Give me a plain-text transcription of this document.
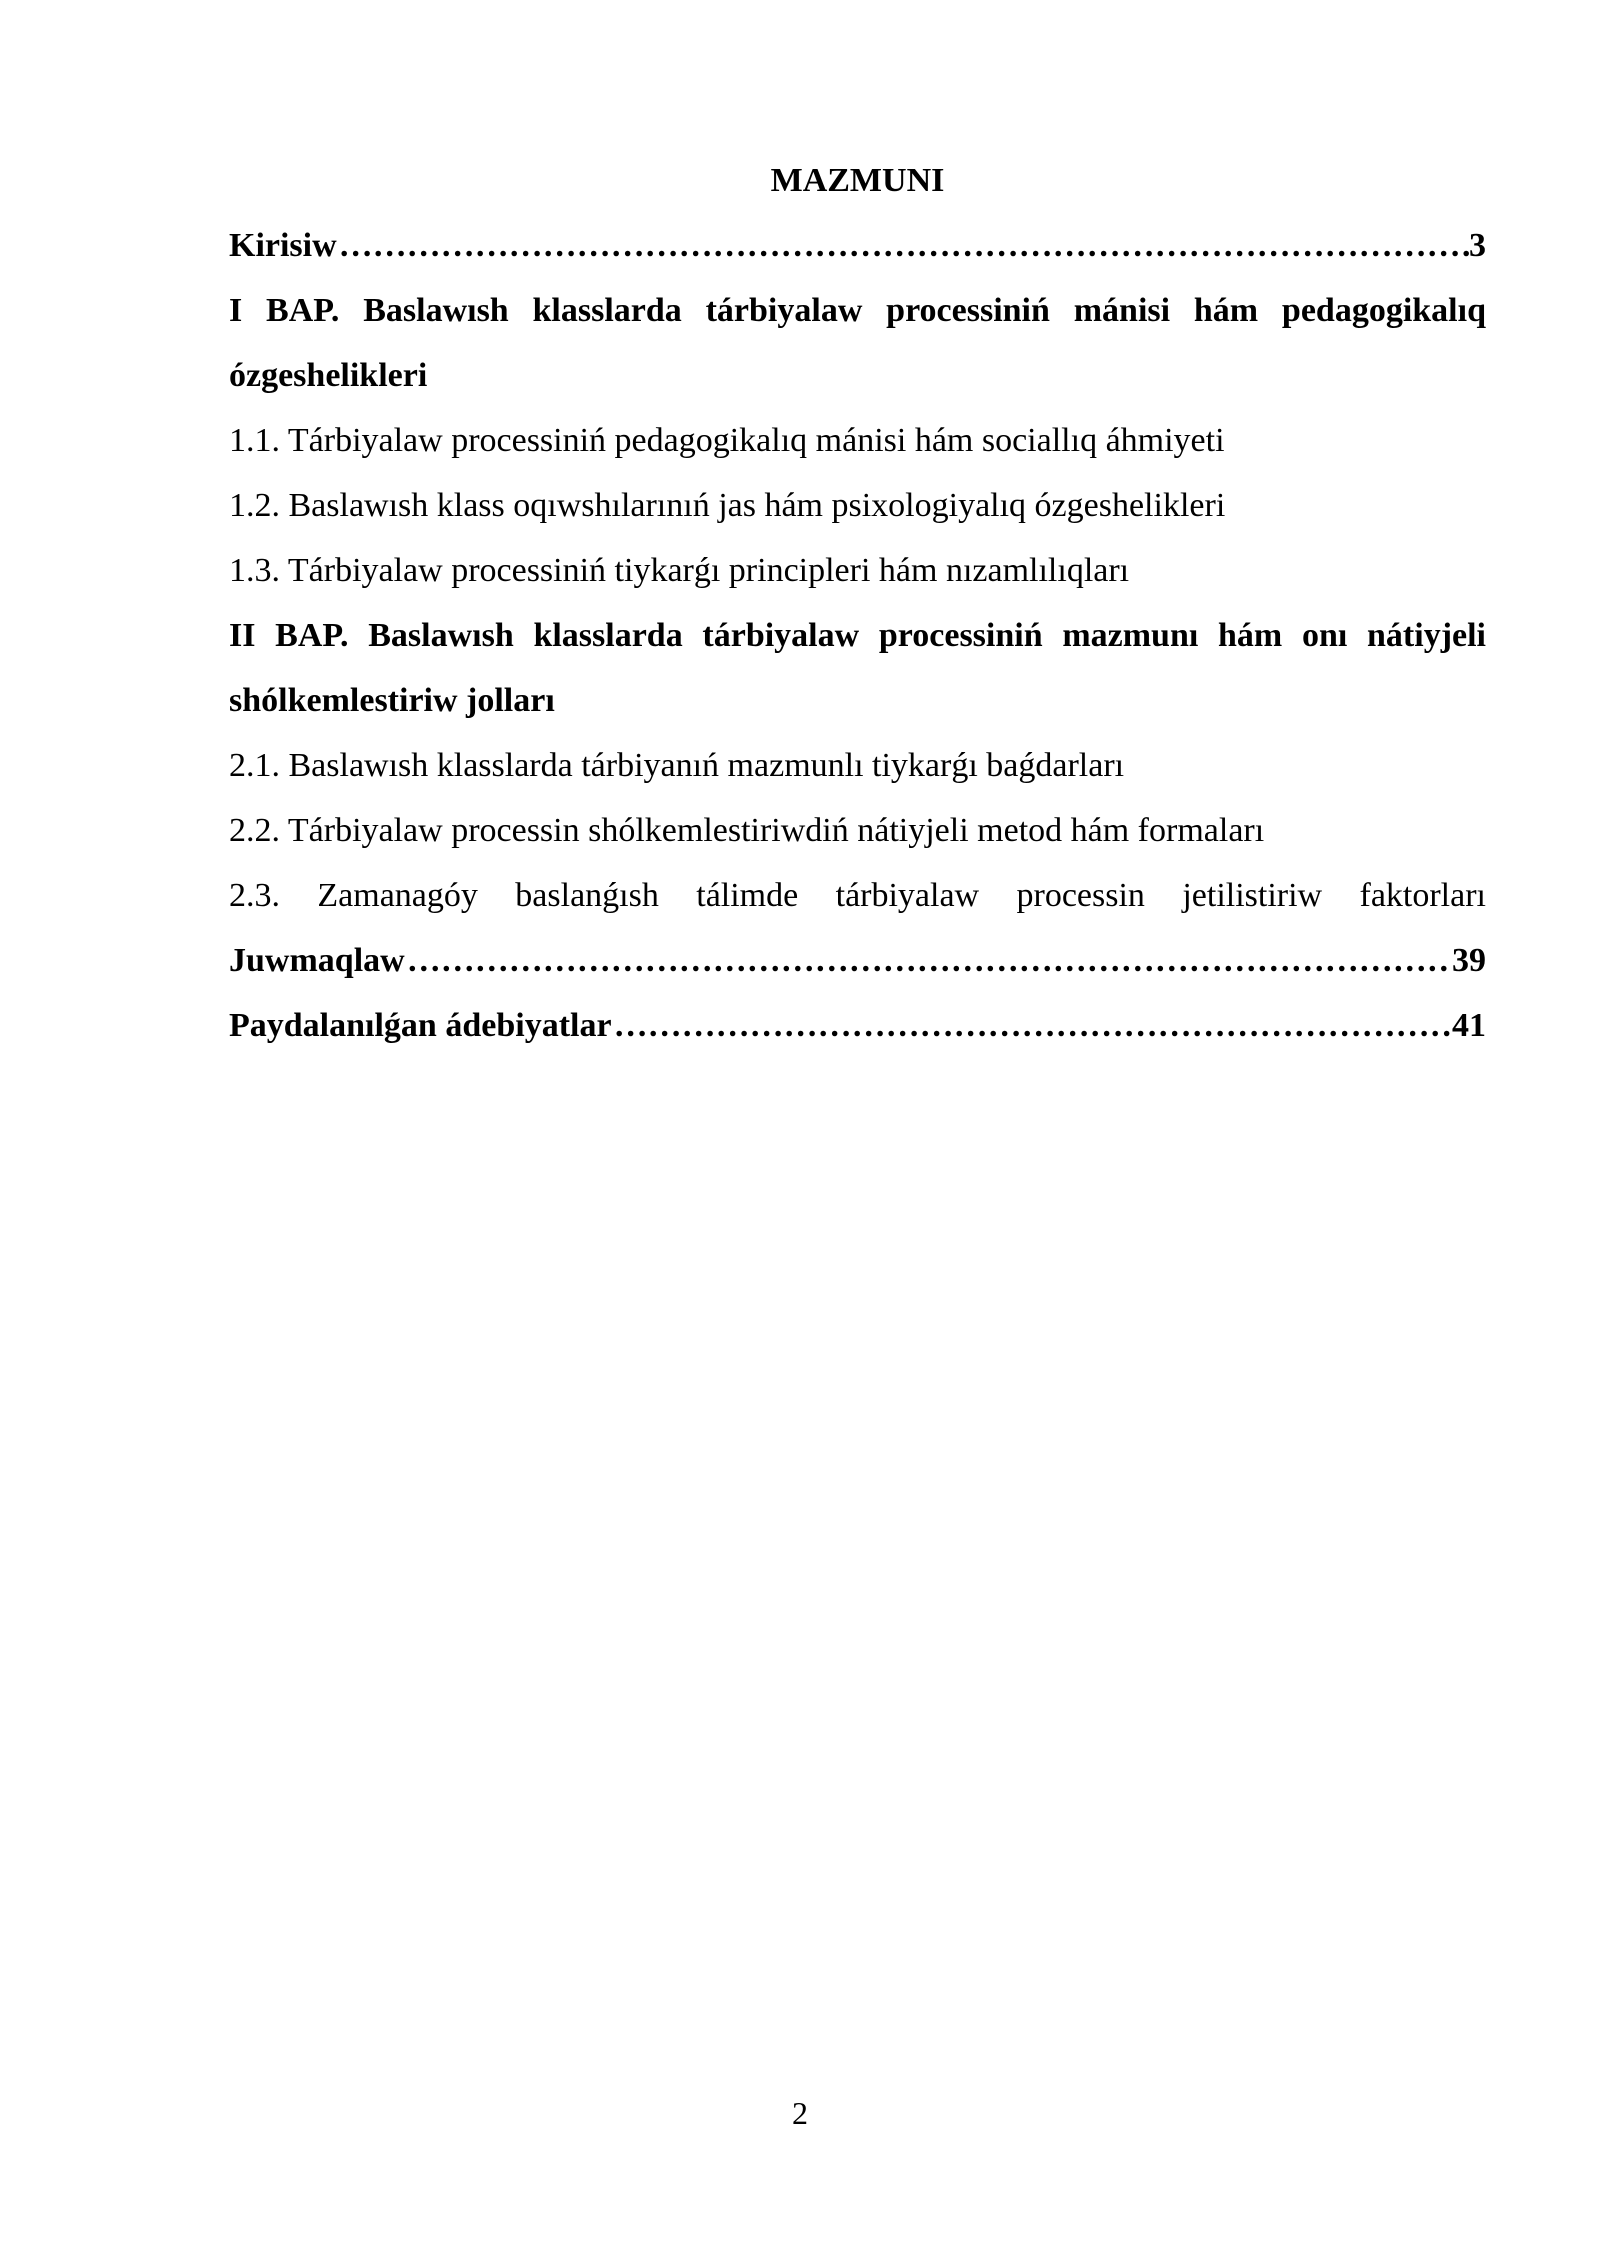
MAZMUNI
Kirisiw ……………………………………………………………………………………………………………………………………………………	3
I BAP. Baslawısh klasslarda tárbiyalaw processiniń mánisi hám pedagogikalıq ózgeshelikleri
1.1. Tárbiyalaw processiniń pedagogikalıq mánisi hám sociallıq áhmiyeti
1.2. Baslawısh klass oqıwshılarınıń jas hám psixologiyalıq ózgeshelikleri
1.3. Tárbiyalaw processiniń tiykarǵı principleri hám nızamlılıqları
II BAP. Baslawısh klasslarda tárbiyalaw processiniń mazmunı hám onı nátiyjeli shólkemlestiriw jolları
2.1. Baslawısh klasslarda tárbiyanıń mazmunlı tiykarǵı baǵdarları
2.2. Tárbiyalaw processin shólkemlestiriwdiń nátiyjeli metod hám formaları
2.3. Zamanagóy baslanǵısh tálimde tárbiyalaw processin jetilistiriw faktorları
Juwmaqlaw ……………………………………………………………………………………………………………………………………………………	39
Paydalanılǵan ádebiyatlar ……………………………………………………………………………………………………………………………………………………	41
2
